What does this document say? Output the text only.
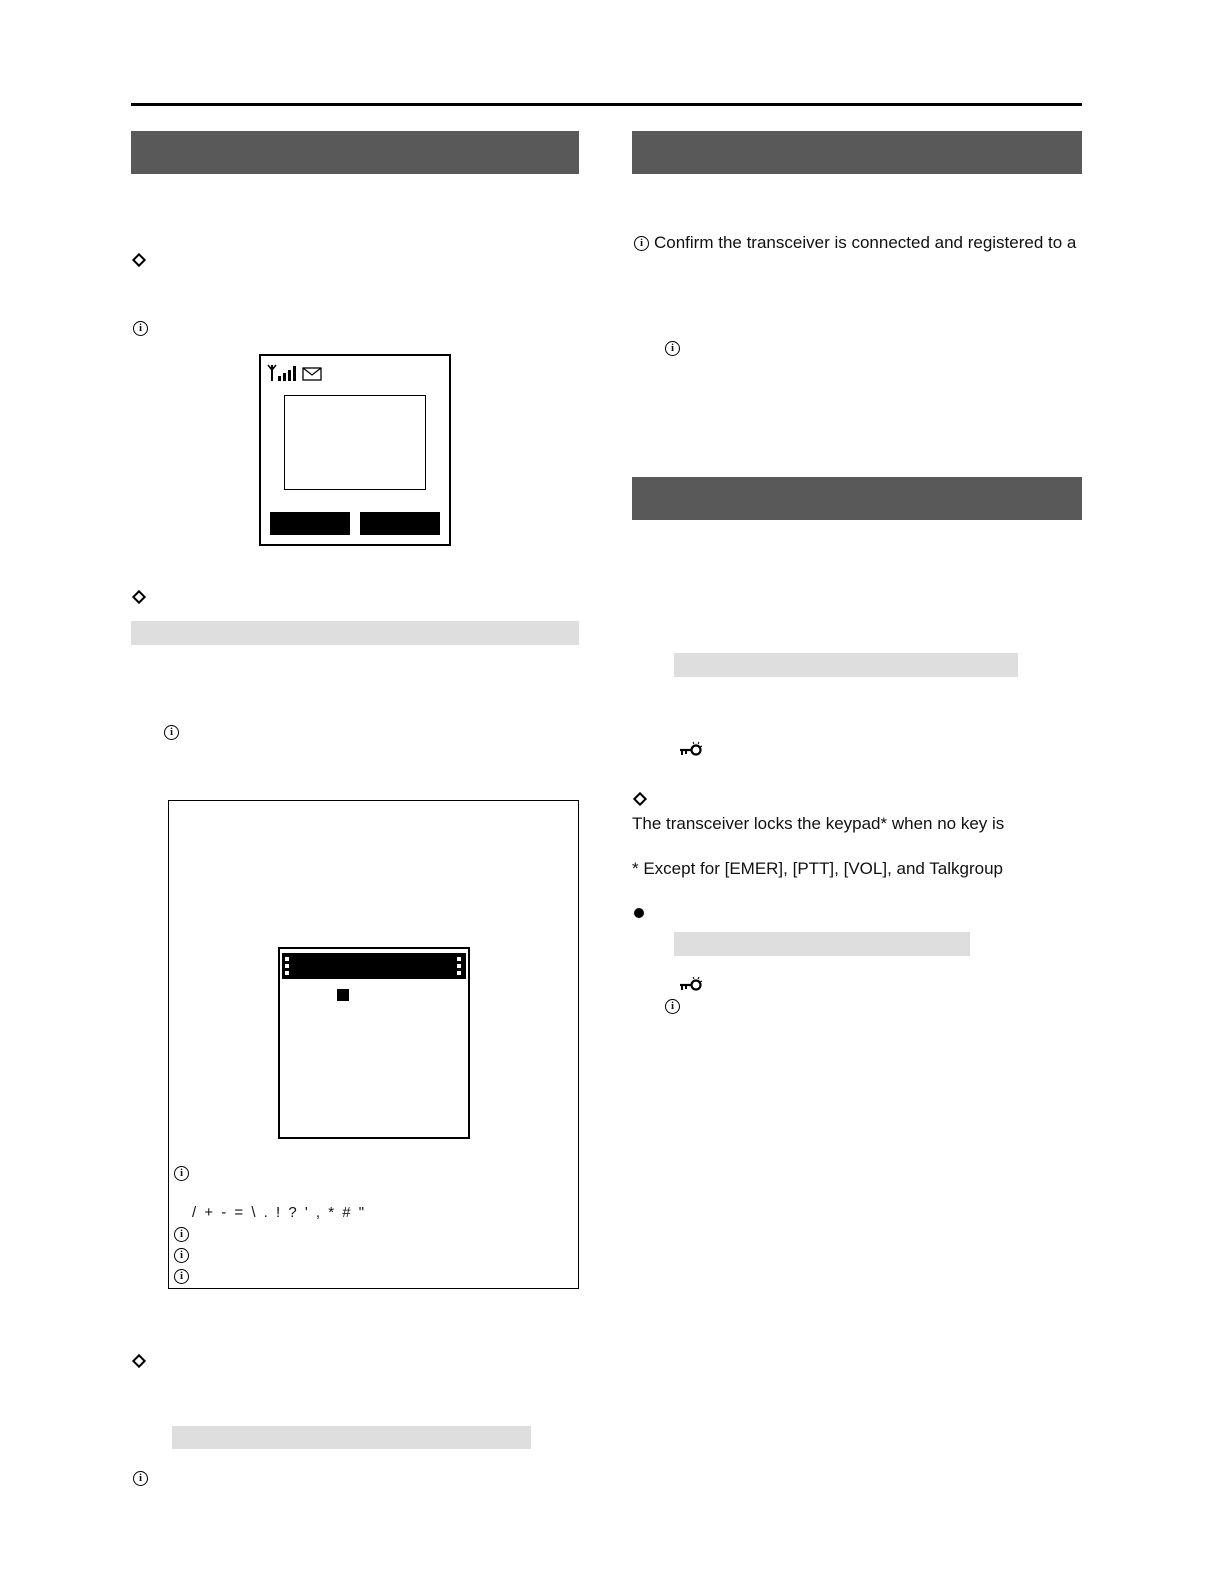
i
i
i
/ + - = \ . ! ? ' , * # "
i
i
i
i
i Confirm the transceiver is connected and registered to a
i
The transceiver locks the keypad* when no key is
* Except for [EMER], [PTT], [VOL], and Talkgroup
i
